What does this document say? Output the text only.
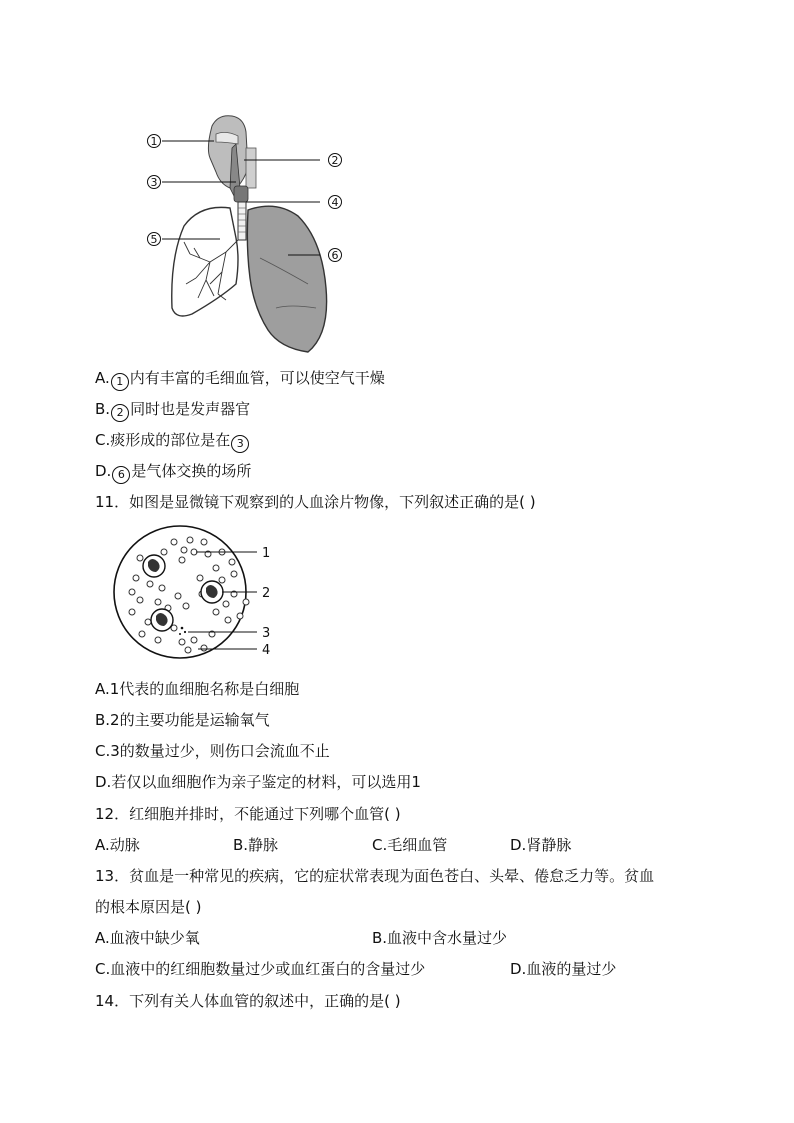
1
2
3
4
5
6
A. 1 内有丰富的毛细血管，可以使空气干燥
B. 2 同时也是发声器官
C.痰形成的部位是在 3
D. 6 是气体交换的场所
11．如图是显微镜下观察到的人血涂片物像，下列叙述正确的是( )
1
2
3
4
A.1代表的血细胞名称是白细胞
B.2的主要功能是运输氧气
C.3的数量过少，则伤口会流血不止
D.若仅以血细胞作为亲子鉴定的材料，可以选用1
12．红细胞并排时，不能通过下列哪个血管( )
A.动脉	B.静脉	C.毛细血管	D.肾静脉
13．贫血是一种常见的疾病，它的症状常表现为面色苍白、头晕、倦怠乏力等。贫血
的根本原因是( )
A.血液中缺少氧	B.血液中含水量过少
C.血液中的红细胞数量过少或血红蛋白的含量过少	D.血液的量过少
14．下列有关人体血管的叙述中，正确的是( )
